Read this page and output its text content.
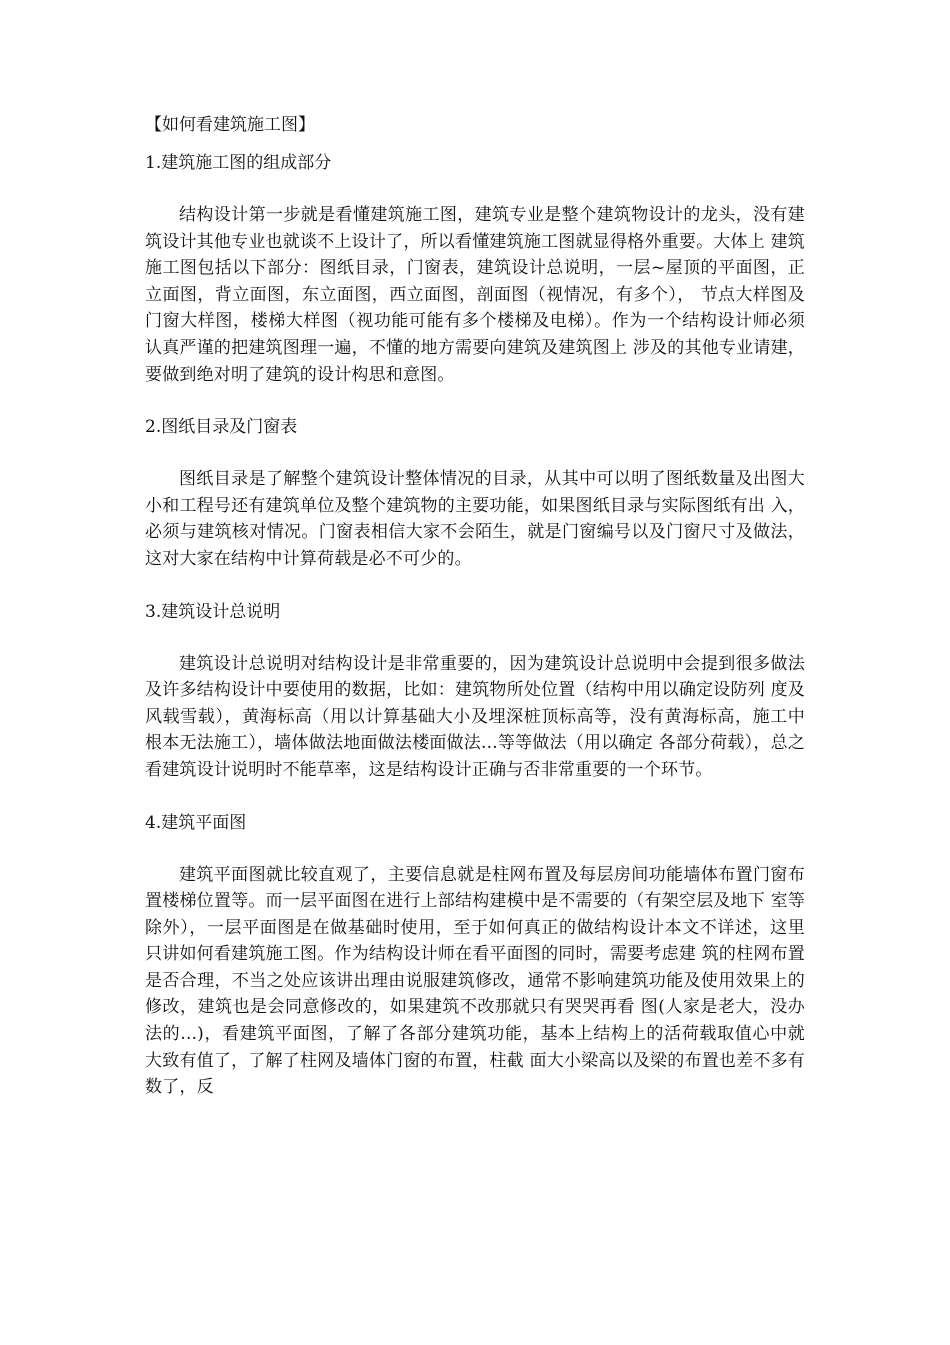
【如何看建筑施工图】
1.建筑施工图的组成部分
结构设计第一步就是看懂建筑施工图，建筑专业是整个建筑物设计的龙头，没有建筑设计其他专业也就谈不上设计了，所以看懂建筑施工图就显得格外重要。大体上 建筑施工图包括以下部分：图纸目录，门窗表，建筑设计总说明，一层~屋顶的平面图，正立面图，背立面图，东立面图，西立面图，剖面图（视情况，有多个）， 节点大样图及门窗大样图，楼梯大样图（视功能可能有多个楼梯及电梯）。作为一个结构设计师必须认真严谨的把建筑图理一遍，不懂的地方需要向建筑及建筑图上 涉及的其他专业请建，要做到绝对明了建筑的设计构思和意图。
2.图纸目录及门窗表
图纸目录是了解整个建筑设计整体情况的目录，从其中可以明了图纸数量及出图大小和工程号还有建筑单位及整个建筑物的主要功能，如果图纸目录与实际图纸有出 入，必须与建筑核对情况。门窗表相信大家不会陌生，就是门窗编号以及门窗尺寸及做法，这对大家在结构中计算荷载是必不可少的。
3.建筑设计总说明
建筑设计总说明对结构设计是非常重要的，因为建筑设计总说明中会提到很多做法及许多结构设计中要使用的数据，比如：建筑物所处位置（结构中用以确定设防列 度及风载雪载），黄海标高（用以计算基础大小及埋深桩顶标高等，没有黄海标高，施工中根本无法施工），墙体做法地面做法楼面做法...等等做法（用以确定 各部分荷载），总之看建筑设计说明时不能草率，这是结构设计正确与否非常重要的一个环节。
4.建筑平面图
建筑平面图就比较直观了，主要信息就是柱网布置及每层房间功能墙体布置门窗布置楼梯位置等。而一层平面图在进行上部结构建模中是不需要的（有架空层及地下 室等除外），一层平面图是在做基础时使用，至于如何真正的做结构设计本文不详述，这里只讲如何看建筑施工图。作为结构设计师在看平面图的同时，需要考虑建 筑的柱网布置是否合理，不当之处应该讲出理由说服建筑修改，通常不影响建筑功能及使用效果上的修改，建筑也是会同意修改的，如果建筑不改那就只有哭哭再看 图(人家是老大，没办法的...)，看建筑平面图，了解了各部分建筑功能，基本上结构上的活荷载取值心中就大致有值了，了解了柱网及墙体门窗的布置，柱截 面大小梁高以及梁的布置也差不多有数了，反
